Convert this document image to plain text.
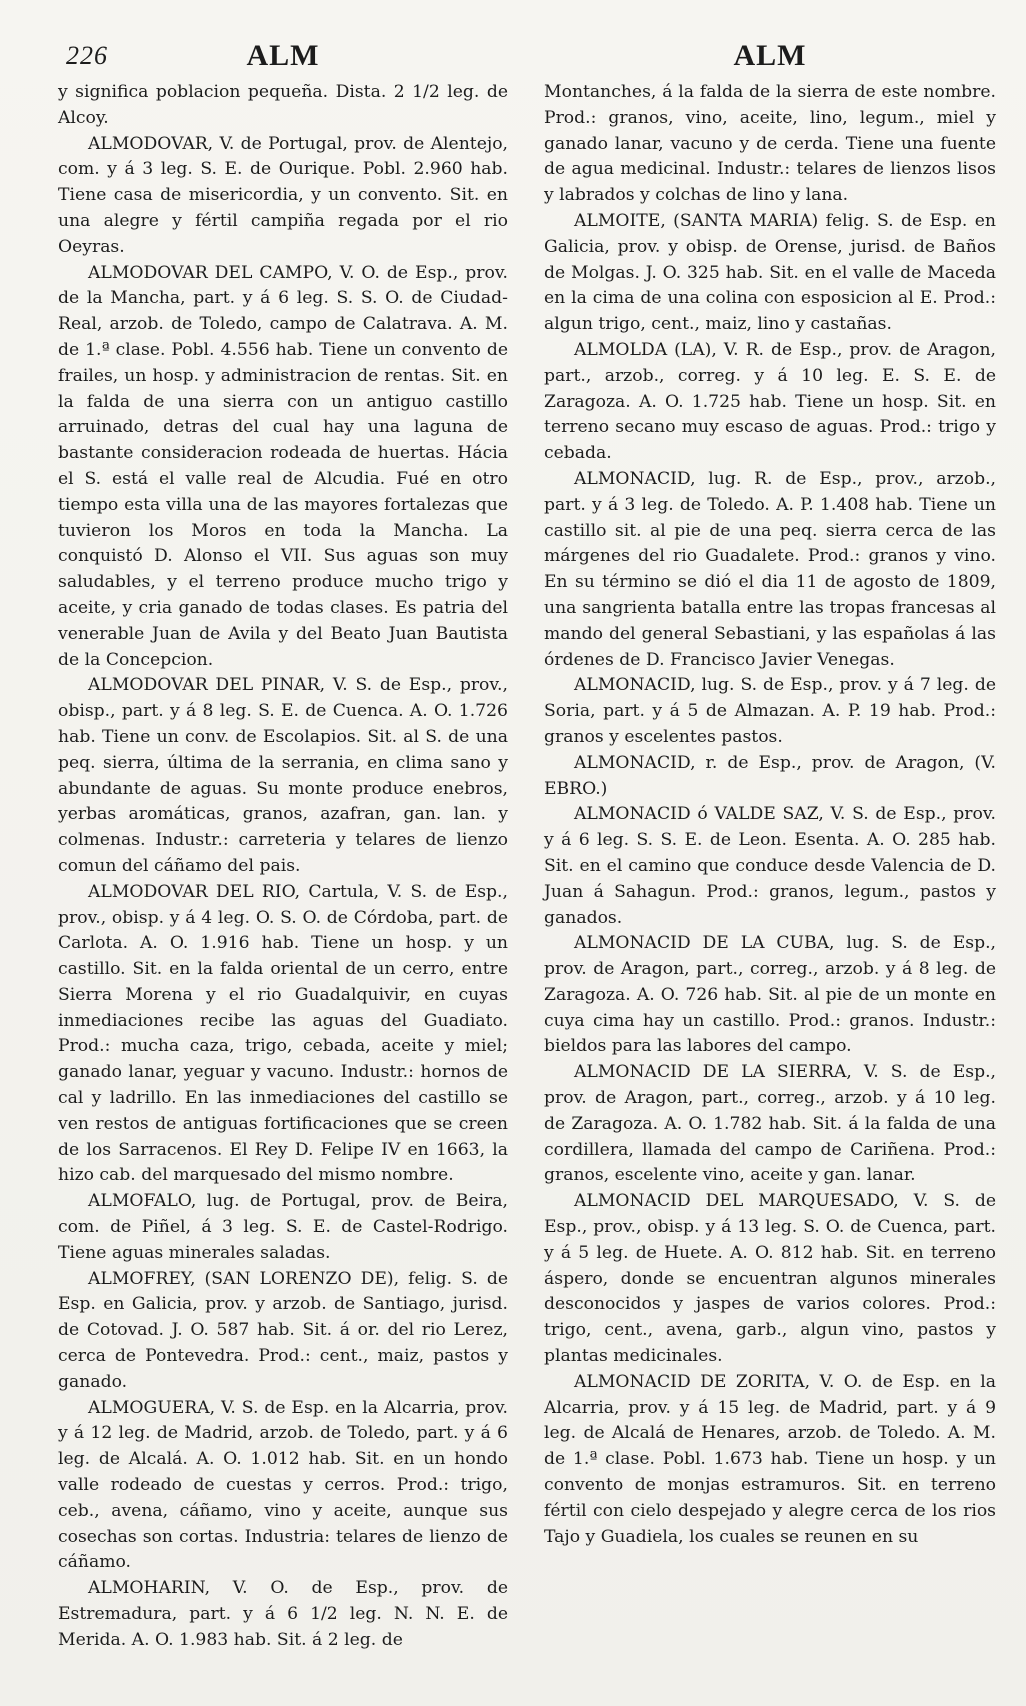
226	ALM

y significa poblacion pequeña. Dista. 2 1/2 leg. de Alcoy.

ALMODOVAR, V. de Portugal, prov. de Alentejo, com. y á 3 leg. S. E. de Ourique. Pobl. 2.960 hab. Tiene casa de misericordia, y un convento. Sit. en una alegre y fértil campiña regada por el rio Oeyras.

ALMODOVAR DEL CAMPO, V. O. de Esp., prov. de la Mancha, part. y á 6 leg. S. S. O. de Ciudad-Real, arzob. de Toledo, campo de Calatrava. A. M. de 1.ª clase. Pobl. 4.556 hab. Tiene un convento de frailes, un hosp. y administracion de rentas. Sit. en la falda de una sierra con un antiguo castillo arruinado, detras del cual hay una laguna de bastante consideracion rodeada de huertas. Hácia el S. está el valle real de Alcudia. Fué en otro tiempo esta villa una de las mayores fortalezas que tuvieron los Moros en toda la Mancha. La conquistó D. Alonso el VII. Sus aguas son muy saludables, y el terreno produce mucho trigo y aceite, y cria ganado de todas clases. Es patria del venerable Juan de Avila y del Beato Juan Bautista de la Concepcion.

ALMODOVAR DEL PINAR, V. S. de Esp., prov., obisp., part. y á 8 leg. S. E. de Cuenca. A. O. 1.726 hab. Tiene un conv. de Escolapios. Sit. al S. de una peq. sierra, última de la serrania, en clima sano y abundante de aguas. Su monte produce enebros, yerbas aromáticas, granos, azafran, gan. lan. y colmenas. Industr.: carreteria y telares de lienzo comun del cáñamo del pais.

ALMODOVAR DEL RIO, Cartula, V. S. de Esp., prov., obisp. y á 4 leg. O. S. O. de Córdoba, part. de Carlota. A. O. 1.916 hab. Tiene un hosp. y un castillo. Sit. en la falda oriental de un cerro, entre Sierra Morena y el rio Guadalquivir, en cuyas inmediaciones recibe las aguas del Guadiato. Prod.: mucha caza, trigo, cebada, aceite y miel; ganado lanar, yeguar y vacuno. Industr.: hornos de cal y ladrillo. En las inmediaciones del castillo se ven restos de antiguas fortificaciones que se creen de los Sarracenos. El Rey D. Felipe IV en 1663, la hizo cab. del marquesado del mismo nombre.

ALMOFALO, lug. de Portugal, prov. de Beira, com. de Piñel, á 3 leg. S. E. de Castel-Rodrigo. Tiene aguas minerales saladas.

ALMOFREY, (SAN LORENZO DE), felig. S. de Esp. en Galicia, prov. y arzob. de Santiago, jurisd. de Cotovad. J. O. 587 hab. Sit. á or. del rio Lerez, cerca de Pontevedra. Prod.: cent., maiz, pastos y ganado.

ALMOGUERA, V. S. de Esp. en la Alcarria, prov. y á 12 leg. de Madrid, arzob. de Toledo, part. y á 6 leg. de Alcalá. A. O. 1.012 hab. Sit. en un hondo valle rodeado de cuestas y cerros. Prod.: trigo, ceb., avena, cáñamo, vino y aceite, aunque sus cosechas son cortas. Industria: telares de lienzo de cáñamo.

ALMOHARIN, V. O. de Esp., prov. de Estremadura, part. y á 6 1/2 leg. N. N. E. de Merida. A. O. 1.983 hab. Sit. á 2 leg. de

ALM

Montanches, á la falda de la sierra de este nombre. Prod.: granos, vino, aceite, lino, legum., miel y ganado lanar, vacuno y de cerda. Tiene una fuente de agua medicinal. Industr.: telares de lienzos lisos y labrados y colchas de lino y lana.

ALMOITE, (SANTA MARIA) felig. S. de Esp. en Galicia, prov. y obisp. de Orense, jurisd. de Baños de Molgas. J. O. 325 hab. Sit. en el valle de Maceda en la cima de una colina con esposicion al E. Prod.: algun trigo, cent., maiz, lino y castañas.

ALMOLDA (LA), V. R. de Esp., prov. de Aragon, part., arzob., correg. y á 10 leg. E. S. E. de Zaragoza. A. O. 1.725 hab. Tiene un hosp. Sit. en terreno secano muy escaso de aguas. Prod.: trigo y cebada.

ALMONACID, lug. R. de Esp., prov., arzob., part. y á 3 leg. de Toledo. A. P. 1.408 hab. Tiene un castillo sit. al pie de una peq. sierra cerca de las márgenes del rio Guadalete. Prod.: granos y vino. En su término se dió el dia 11 de agosto de 1809, una sangrienta batalla entre las tropas francesas al mando del general Sebastiani, y las españolas á las órdenes de D. Francisco Javier Venegas.

ALMONACID, lug. S. de Esp., prov. y á 7 leg. de Soria, part. y á 5 de Almazan. A. P. 19 hab. Prod.: granos y escelentes pastos.

ALMONACID, r. de Esp., prov. de Aragon, (V. EBRO.)

ALMONACID ó VALDE SAZ, V. S. de Esp., prov. y á 6 leg. S. S. E. de Leon. Esenta. A. O. 285 hab. Sit. en el camino que conduce desde Valencia de D. Juan á Sahagun. Prod.: granos, legum., pastos y ganados.

ALMONACID DE LA CUBA, lug. S. de Esp., prov. de Aragon, part., correg., arzob. y á 8 leg. de Zaragoza. A. O. 726 hab. Sit. al pie de un monte en cuya cima hay un castillo. Prod.: granos. Industr.: bieldos para las labores del campo.

ALMONACID DE LA SIERRA, V. S. de Esp., prov. de Aragon, part., correg., arzob. y á 10 leg. de Zaragoza. A. O. 1.782 hab. Sit. á la falda de una cordillera, llamada del campo de Cariñena. Prod.: granos, escelente vino, aceite y gan. lanar.

ALMONACID DEL MARQUESADO, V. S. de Esp., prov., obisp. y á 13 leg. S. O. de Cuenca, part. y á 5 leg. de Huete. A. O. 812 hab. Sit. en terreno áspero, donde se encuentran algunos minerales desconocidos y jaspes de varios colores. Prod.: trigo, cent., avena, garb., algun vino, pastos y plantas medicinales.

ALMONACID DE ZORITA, V. O. de Esp. en la Alcarria, prov. y á 15 leg. de Madrid, part. y á 9 leg. de Alcalá de Henares, arzob. de Toledo. A. M. de 1.ª clase. Pobl. 1.673 hab. Tiene un hosp. y un convento de monjas estramuros. Sit. en terreno fértil con cielo despejado y alegre cerca de los rios Tajo y Guadiela, los cuales se reunen en su
